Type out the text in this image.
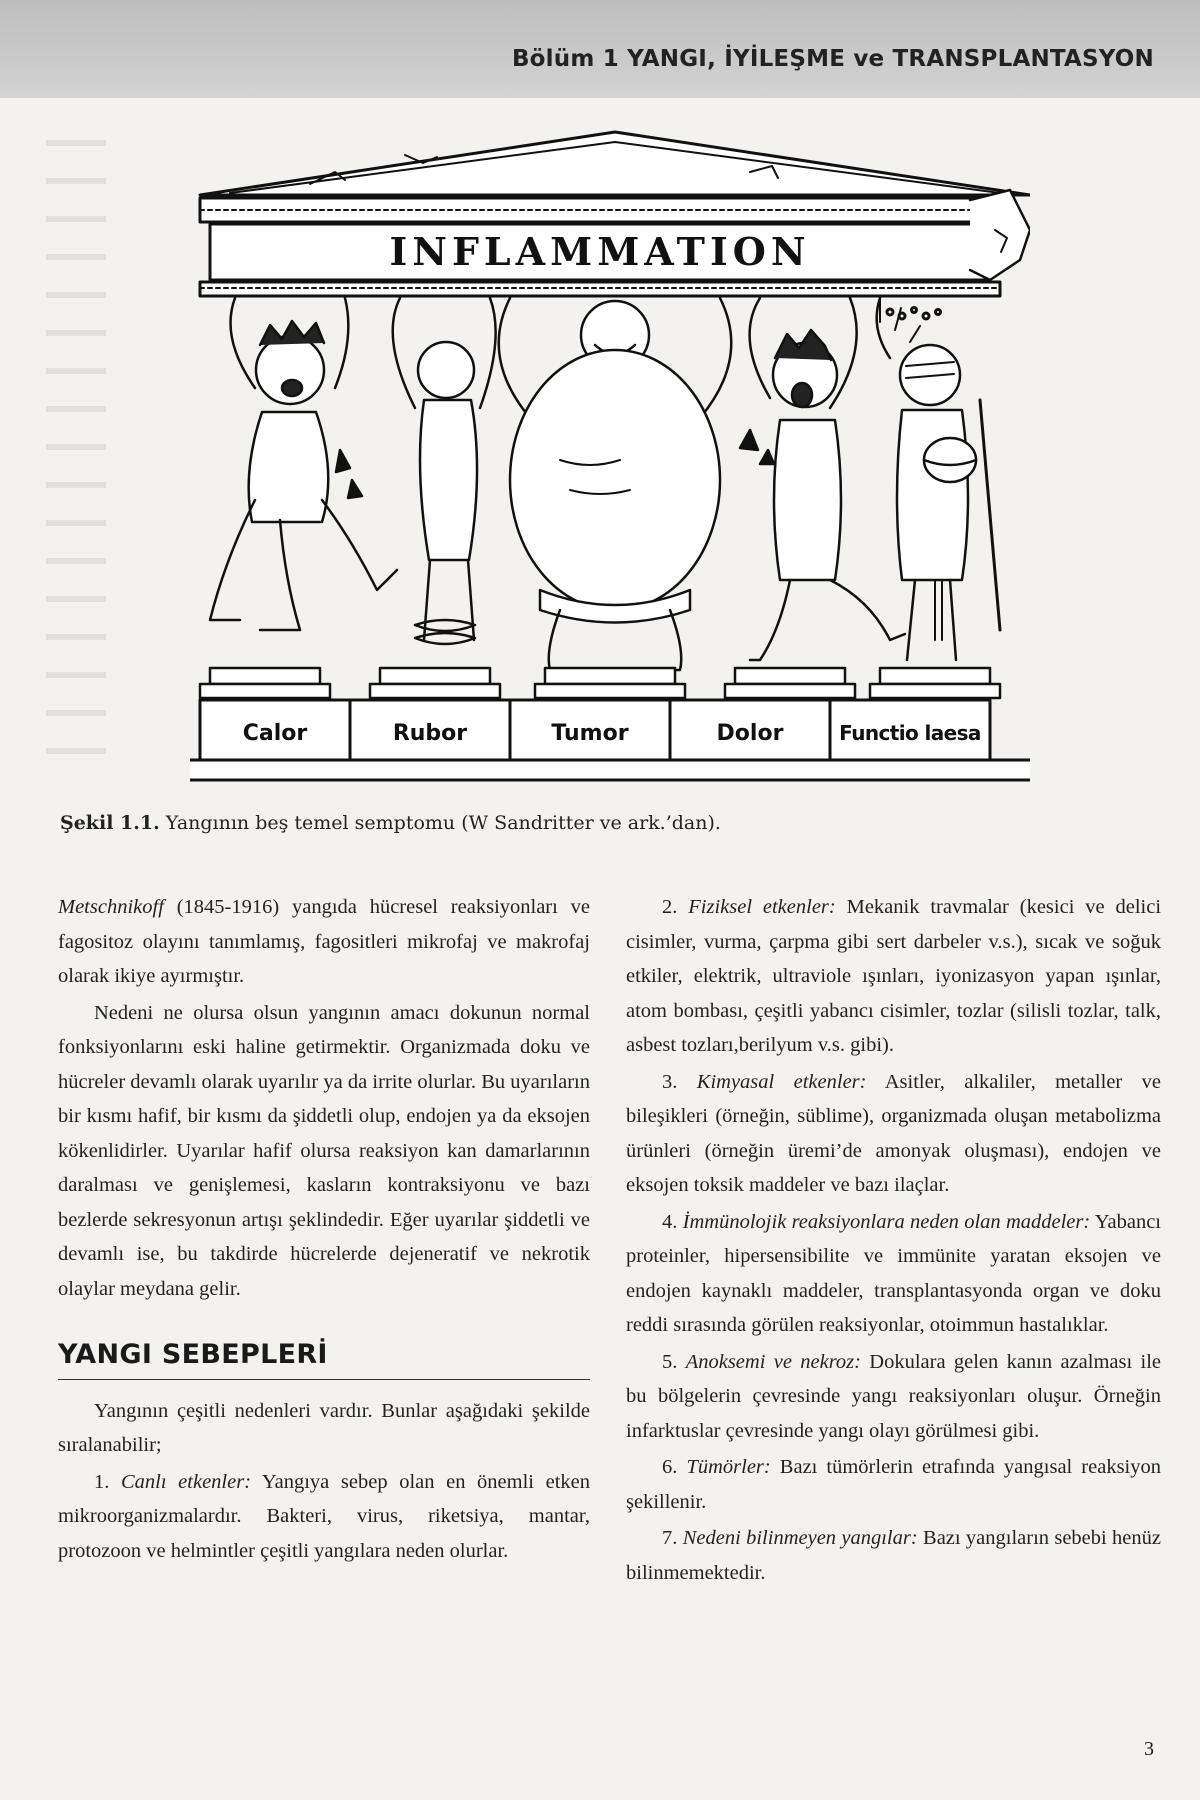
Bölüm 1 YANGI, İYİLEŞME ve TRANSPLANTASYON
INFLAMMATION
Calor	Rubor	Tumor	Dolor	Functio laesa
Şekil 1.1. Yangının beş temel semptomu (W Sandritter ve ark.’dan).

Metschnikoff (1845-1916) yangıda hücresel reaksiyonları ve fagositoz olayını tanımlamış, fagositleri mikrofaj ve makrofaj olarak ikiye ayırmıştır.

Nedeni ne olursa olsun yangının amacı dokunun normal fonksiyonlarını eski haline getirmektir. Organizmada doku ve hücreler devamlı olarak uyarılır ya da irrite olurlar. Bu uyarıların bir kısmı hafif, bir kısmı da şiddetli olup, endojen ya da eksojen kökenlidirler. Uyarılar hafif olursa reaksiyon kan damarlarının daralması ve genişlemesi, kasların kontraksiyonu ve bazı bezlerde sekresyonun artışı şeklindedir. Eğer uyarılar şiddetli ve devamlı ise, bu takdirde hücrelerde dejeneratif ve nekrotik olaylar meydana gelir.

YANGI SEBEPLERİ

Yangının çeşitli nedenleri vardır. Bunlar aşağıdaki şekilde sıralanabilir;

1. Canlı etkenler: Yangıya sebep olan en önemli etken mikroorganizmalardır. Bakteri, virus, riketsiya, mantar, protozoon ve helmintler çeşitli yangılara neden olurlar.

2. Fiziksel etkenler: Mekanik travmalar (kesici ve delici cisimler, vurma, çarpma gibi sert darbeler v.s.), sıcak ve soğuk etkiler, elektrik, ultraviole ışınları, iyonizasyon yapan ışınlar, atom bombası, çeşitli yabancı cisimler, tozlar (silisli tozlar, talk, asbest tozları,berilyum v.s. gibi).

3. Kimyasal etkenler: Asitler, alkaliler, metaller ve bileşikleri (örneğin, süblime), organizmada oluşan metabolizma ürünleri (örneğin üremi’de amonyak oluşması), endojen ve eksojen toksik maddeler ve bazı ilaçlar.

4. İmmünolojik reaksiyonlara neden olan maddeler: Yabancı proteinler, hipersensibilite ve immünite yaratan eksojen ve endojen kaynaklı maddeler, transplantasyonda organ ve doku reddi sırasında görülen reaksiyonlar, otoimmun hastalıklar.

5. Anoksemi ve nekroz: Dokulara gelen kanın azalması ile bu bölgelerin çevresinde yangı reaksiyonları oluşur. Örneğin infarktuslar çevresinde yangı olayı görülmesi gibi.

6. Tümörler: Bazı tümörlerin etrafında yangısal reaksiyon şekillenir.

7. Nedeni bilinmeyen yangılar: Bazı yangıların sebebi henüz bilinmemektedir.

3
